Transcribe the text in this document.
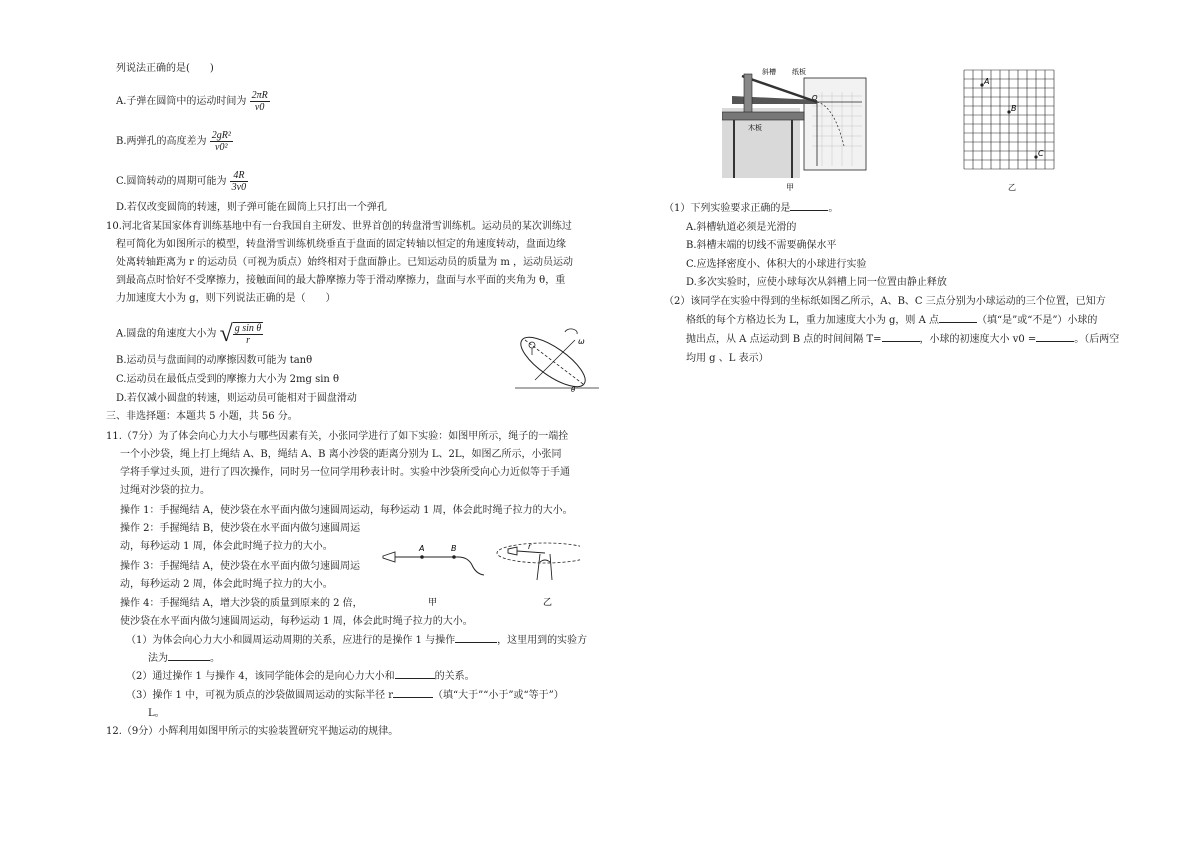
列说法正确的是(　　)
A.子弹在圆筒中的运动时间为 $\frac{2\pi R}{v0}$
B.两弹孔的高度差为 $\frac{\text{2gR²}}{\text{v0²}}$
C.圆筒转动的周期可能为 $\frac{4R}{3v0}$
D.若仅改变圆筒的转速，则子弹可能在圆筒上只打出一个弹孔
10.河北省某国家体育训练基地中有一台我国自主研发、世界首创的转盘滑雪训练机。运动员的某次训练过
程可简化为如图所示的模型，转盘滑雪训练机绕垂直于盘面的固定转轴以恒定的角速度转动，盘面边缘
处离转轴距离为 r 的运动员（可视为质点）始终相对于盘面静止。已知运动员的质量为 m ，运动员运动
到最高点时恰好不受摩擦力，接触面间的最大静摩擦力等于滑动摩擦力，盘面与水平面的夹角为 θ，重
力加速度大小为 g，则下列说法正确的是（　　）
A.圆盘的角速度大小为 √ $\frac{\text{g sin θ}}{r}$
B.运动员与盘面间的动摩擦因数可能为 tanθ
C.运动员在最低点受到的摩擦力大小为 2mg sin θ
D.若仅减小圆盘的转速，则运动员可能相对于圆盘滑动
ω
θ
三、非选择题：本题共 5 小题，共 56 分。
11.（7分）为了体会向心力大小与哪些因素有关，小张同学进行了如下实验：如图甲所示，绳子的一端拴
一个小沙袋，绳上打上绳结 A、B，绳结 A、B 离小沙袋的距离分别为 L、2L，如图乙所示，小张同
学将手掌过头顶，进行了四次操作，同时另一位同学用秒表计时。实验中沙袋所受向心力近似等于手通
过绳对沙袋的拉力。
操作 1：手握绳结 A，使沙袋在水平面内做匀速圆周运动，每秒运动 1 周，体会此时绳子拉力的大小。
操作 2：手握绳结 B，使沙袋在水平面内做匀速圆周运
动，每秒运动 1 周，体会此时绳子拉力的大小。
操作 3：手握绳结 A，使沙袋在水平面内做匀速圆周运
动，每秒运动 2 周，体会此时绳子拉力的大小。
操作 4：手握绳结 A，增大沙袋的质量到原来的 2 倍，
使沙袋在水平面内做匀速圆周运动，每秒运动 1 周，体会此时绳子拉力的大小。
A	B
甲
r
乙
（1）为体会向心力大小和圆周运动周期的关系，应进行的是操作 1 与操作	，这里用到的实验方
法为	。
（2）通过操作 1 与操作 4，该同学能体会的是向心力大小和	的关系。
（3）操作 1 中，可视为质点的沙袋做圆周运动的实际半径 r	（填“大于”“小于”或“等于”）
L。
12.（9分）小辉利用如图甲所示的实验装置研究平抛运动的规律。
斜槽 纸板
木板
O
甲
A
B
C
乙
（1）下列实验要求正确的是	。
A.斜槽轨道必须是光滑的
B.斜槽末端的切线不需要确保水平
C.应选择密度小、体积大的小球进行实验
D.多次实验时，应使小球每次从斜槽上同一位置由静止释放
（2）该同学在实验中得到的坐标纸如图乙所示，A、B、C 三点分别为小球运动的三个位置，已知方
格纸的每个方格边长为 L，重力加速度大小为 g，则 A 点	（填“是”或“不是”）小球的
抛出点，从 A 点运动到 B 点的时间间隔 T=	，小球的初速度大小 v0 =	。（后两空
均用 g 、L 表示）
